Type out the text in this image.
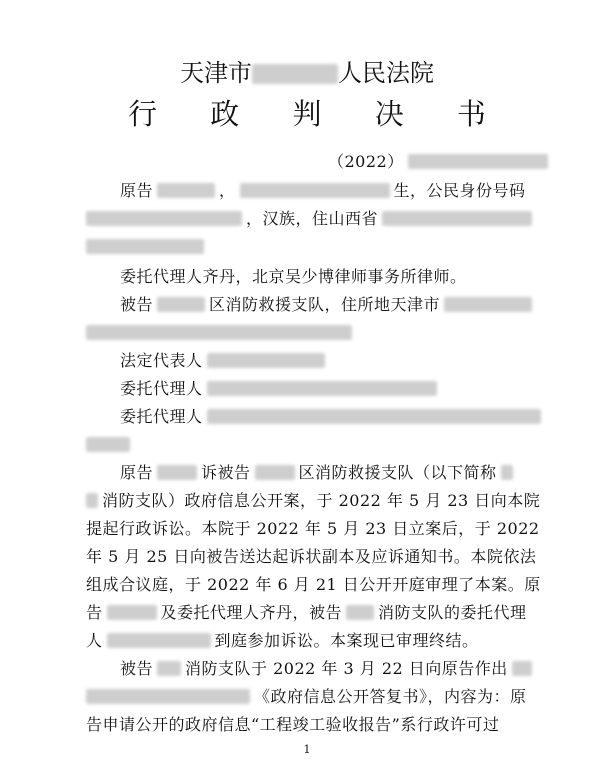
天津市	人民法院
行 政 判 决 书
（2022）
原告	，	生，公民身份号码
，汉族，住山西省
委托代理人齐丹，北京吴少博律师事务所律师。
被告	区消防救援支队，住所地天津市
法定代表人
委托代理人
委托代理人
原告	诉被告	区消防救援支队（以下简称
消防支队）政府信息公开案，于 2022 年 5 月 23 日向本院
提起行政诉讼。本院于 2022 年 5 月 23 日立案后，于 2022
年 5 月 25 日向被告送达起诉状副本及应诉通知书。本院依法
组成合议庭，于 2022 年 6 月 21 日公开开庭审理了本案。原
告	及委托代理人齐丹，被告 消防支队的委托代理
人	到庭参加诉讼。本案现已审理终结。
被告 消防支队于 2022 年 3 月 22 日向原告作出
《政府信息公开答复书》，内容为：原
告申请公开的政府信息“工程竣工验收报告”系行政许可过
1
